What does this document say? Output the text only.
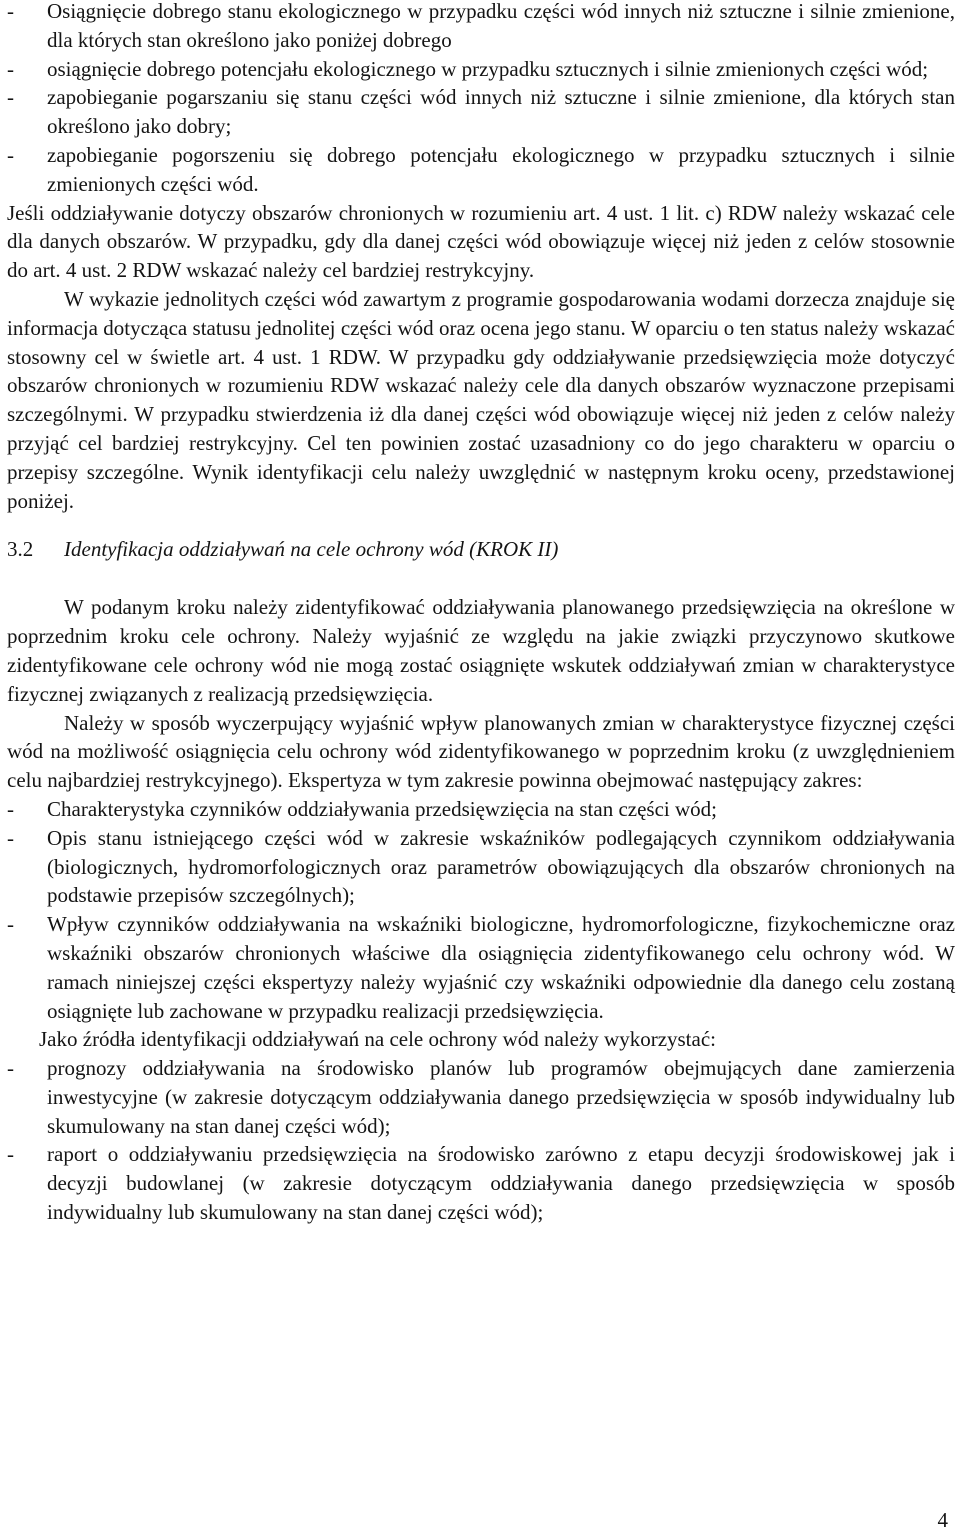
-	Osiągnięcie dobrego stanu ekologicznego w przypadku części wód innych niż sztuczne i silnie zmienione, dla których stan określono jako poniżej dobrego
-	osiągnięcie dobrego potencjału ekologicznego w przypadku sztucznych i silnie zmienionych części wód;
-	zapobieganie pogarszaniu się stanu części wód innych niż sztuczne i silnie zmienione, dla których stan określono jako dobry;
-	zapobieganie pogorszeniu się dobrego potencjału ekologicznego w przypadku sztucznych i silnie zmienionych części wód.

Jeśli oddziaływanie dotyczy obszarów chronionych w rozumieniu art. 4 ust. 1 lit. c) RDW należy wskazać cele dla danych obszarów. W przypadku, gdy dla danej części wód obowiązuje więcej niż jeden z celów stosownie do art. 4 ust. 2 RDW wskazać należy cel bardziej restrykcyjny.

W wykazie jednolitych części wód zawartym z programie gospodarowania wodami dorzecza znajduje się informacja dotycząca statusu jednolitej części wód oraz ocena jego stanu. W oparciu o ten status należy wskazać stosowny cel w świetle art. 4 ust. 1 RDW. W przypadku gdy oddziaływanie przedsięwzięcia może dotyczyć obszarów chronionych w rozumieniu RDW wskazać należy cele dla danych obszarów wyznaczone przepisami szczególnymi. W przypadku stwierdzenia iż dla danej części wód obowiązuje więcej niż jeden z celów należy przyjąć cel bardziej restrykcyjny. Cel ten powinien zostać uzasadniony co do jego charakteru w oparciu o przepisy szczególne. Wynik identyfikacji celu należy uwzględnić w następnym kroku oceny, przedstawionej poniżej.

3.2 Identyfikacja oddziaływań na cele ochrony wód (KROK II)

W podanym kroku należy zidentyfikować oddziaływania planowanego przedsięwzięcia na określone w poprzednim kroku cele ochrony. Należy wyjaśnić ze względu na jakie związki przyczynowo skutkowe zidentyfikowane cele ochrony wód nie mogą zostać osiągnięte wskutek oddziaływań zmian w charakterystyce fizycznej związanych z realizacją przedsięwzięcia.

Należy w sposób wyczerpujący wyjaśnić wpływ planowanych zmian w charakterystyce fizycznej części wód na możliwość osiągnięcia celu ochrony wód zidentyfikowanego w poprzednim kroku (z uwzględnieniem celu najbardziej restrykcyjnego). Ekspertyza w tym zakresie powinna obejmować następujący zakres:

-	Charakterystyka czynników oddziaływania przedsięwzięcia na stan części wód;
-	Opis stanu istniejącego części wód w zakresie wskaźników podlegających czynnikom oddziaływania (biologicznych, hydromorfologicznych oraz parametrów obowiązujących dla obszarów chronionych na podstawie przepisów szczególnych);
-	Wpływ czynników oddziaływania na wskaźniki biologiczne, hydromorfologiczne, fizykochemiczne oraz wskaźniki obszarów chronionych właściwe dla osiągnięcia zidentyfikowanego celu ochrony wód. W ramach niniejszej części ekspertyzy należy wyjaśnić czy wskaźniki odpowiednie dla danego celu zostaną osiągnięte lub zachowane w przypadku realizacji przedsięwzięcia.

Jako źródła identyfikacji oddziaływań na cele ochrony wód należy wykorzystać:

-	prognozy oddziaływania na środowisko planów lub programów obejmujących dane zamierzenia inwestycyjne (w zakresie dotyczącym oddziaływania danego przedsięwzięcia w sposób indywidualny lub skumulowany na stan danej części wód);
-	raport o oddziaływaniu przedsięwzięcia na środowisko zarówno z etapu decyzji środowiskowej jak i decyzji budowlanej (w zakresie dotyczącym oddziaływania danego przedsięwzięcia w sposób indywidualny lub skumulowany na stan danej części wód);
4
